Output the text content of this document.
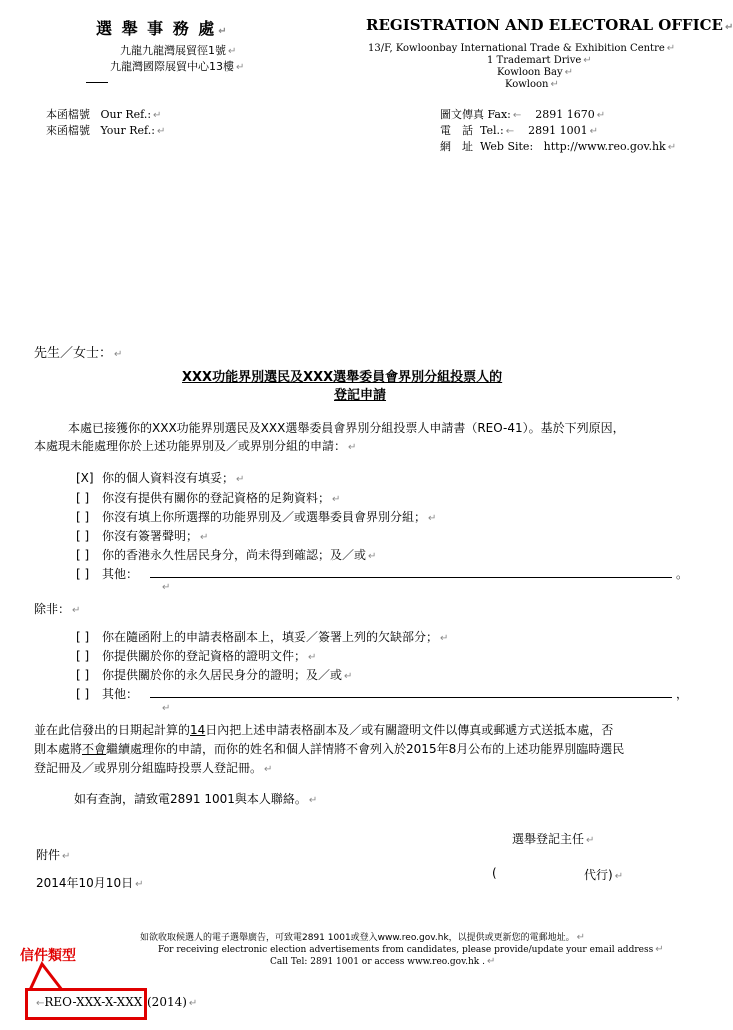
選 舉 事 務 處 ↵	REGISTRATION AND ELECTORAL OFFICE ↵
九龍九龍灣展貿徑1號 ↵
九龍灣國際展貿中心13樓 ↵
13/F, Kowloonbay International Trade & Exhibition Centre ↵
1 Trademart Drive ↵
Kowloon Bay ↵
Kowloon ↵
本函檔號 Our Ref.: ↵
來函檔號 Your Ref.: ↵
圖文傳真 Fax: ← 2891 1670 ↵
電　話 Tel.: ← 2891 1001 ↵
網　址 Web Site: http://www.reo.gov.hk ↵
先生／女士： ↵
XXX功能界別選民及XXX選舉委員會界別分組投票人的
登記申請
本處已接獲你的XXX功能界別選民及XXX選舉委員會界別分組投票人申請書（REO-41）。基於下列原因，
本處現未能處理你於上述功能界別及／或界別分組的申請： ↵
[X] 你的個人資料沒有填妥； ↵
[ ] 你沒有提供有關你的登記資格的足夠資料； ↵
[ ] 你沒有填上你所選擇的功能界別及／或選舉委員會界別分組； ↵
[ ] 你沒有簽署聲明； ↵
[ ] 你的香港永久性居民身分，尚未得到確認；及／或 ↵
[ ] 其他：	。
↵
除非： ↵
[ ] 你在隨函附上的申請表格副本上，填妥／簽署上列的欠缺部分； ↵
[ ] 你提供關於你的登記資格的證明文件； ↵
[ ] 你提供關於你的永久居民身分的證明；及／或 ↵
[ ] 其他：	，
↵
並在此信發出的日期起計算的14日內把上述申請表格副本及／或有關證明文件以傳真或郵遞方式送抵本處，否
則本處將不會繼續處理你的申請，而你的姓名和個人詳情將不會列入於2015年8月公布的上述功能界別臨時選民
登記冊及／或界別分組臨時投票人登記冊。 ↵
如有查詢，請致電2891 1001與本人聯絡。 ↵
選舉登記主任 ↵
附件 ↵
(	代行) ↵
2014年10月10日 ↵
如欲收取候選人的電子選舉廣告，可致電2891 1001或登入www.reo.gov.hk，以提供或更新您的電郵地址。 ↵
For receiving electronic election advertisements from candidates, please provide/update your email address ↵
Call Tel: 2891 1001 or access www.reo.gov.hk . ↵
信件類型
←REO-XXX-X-XXX (2014) ↵
